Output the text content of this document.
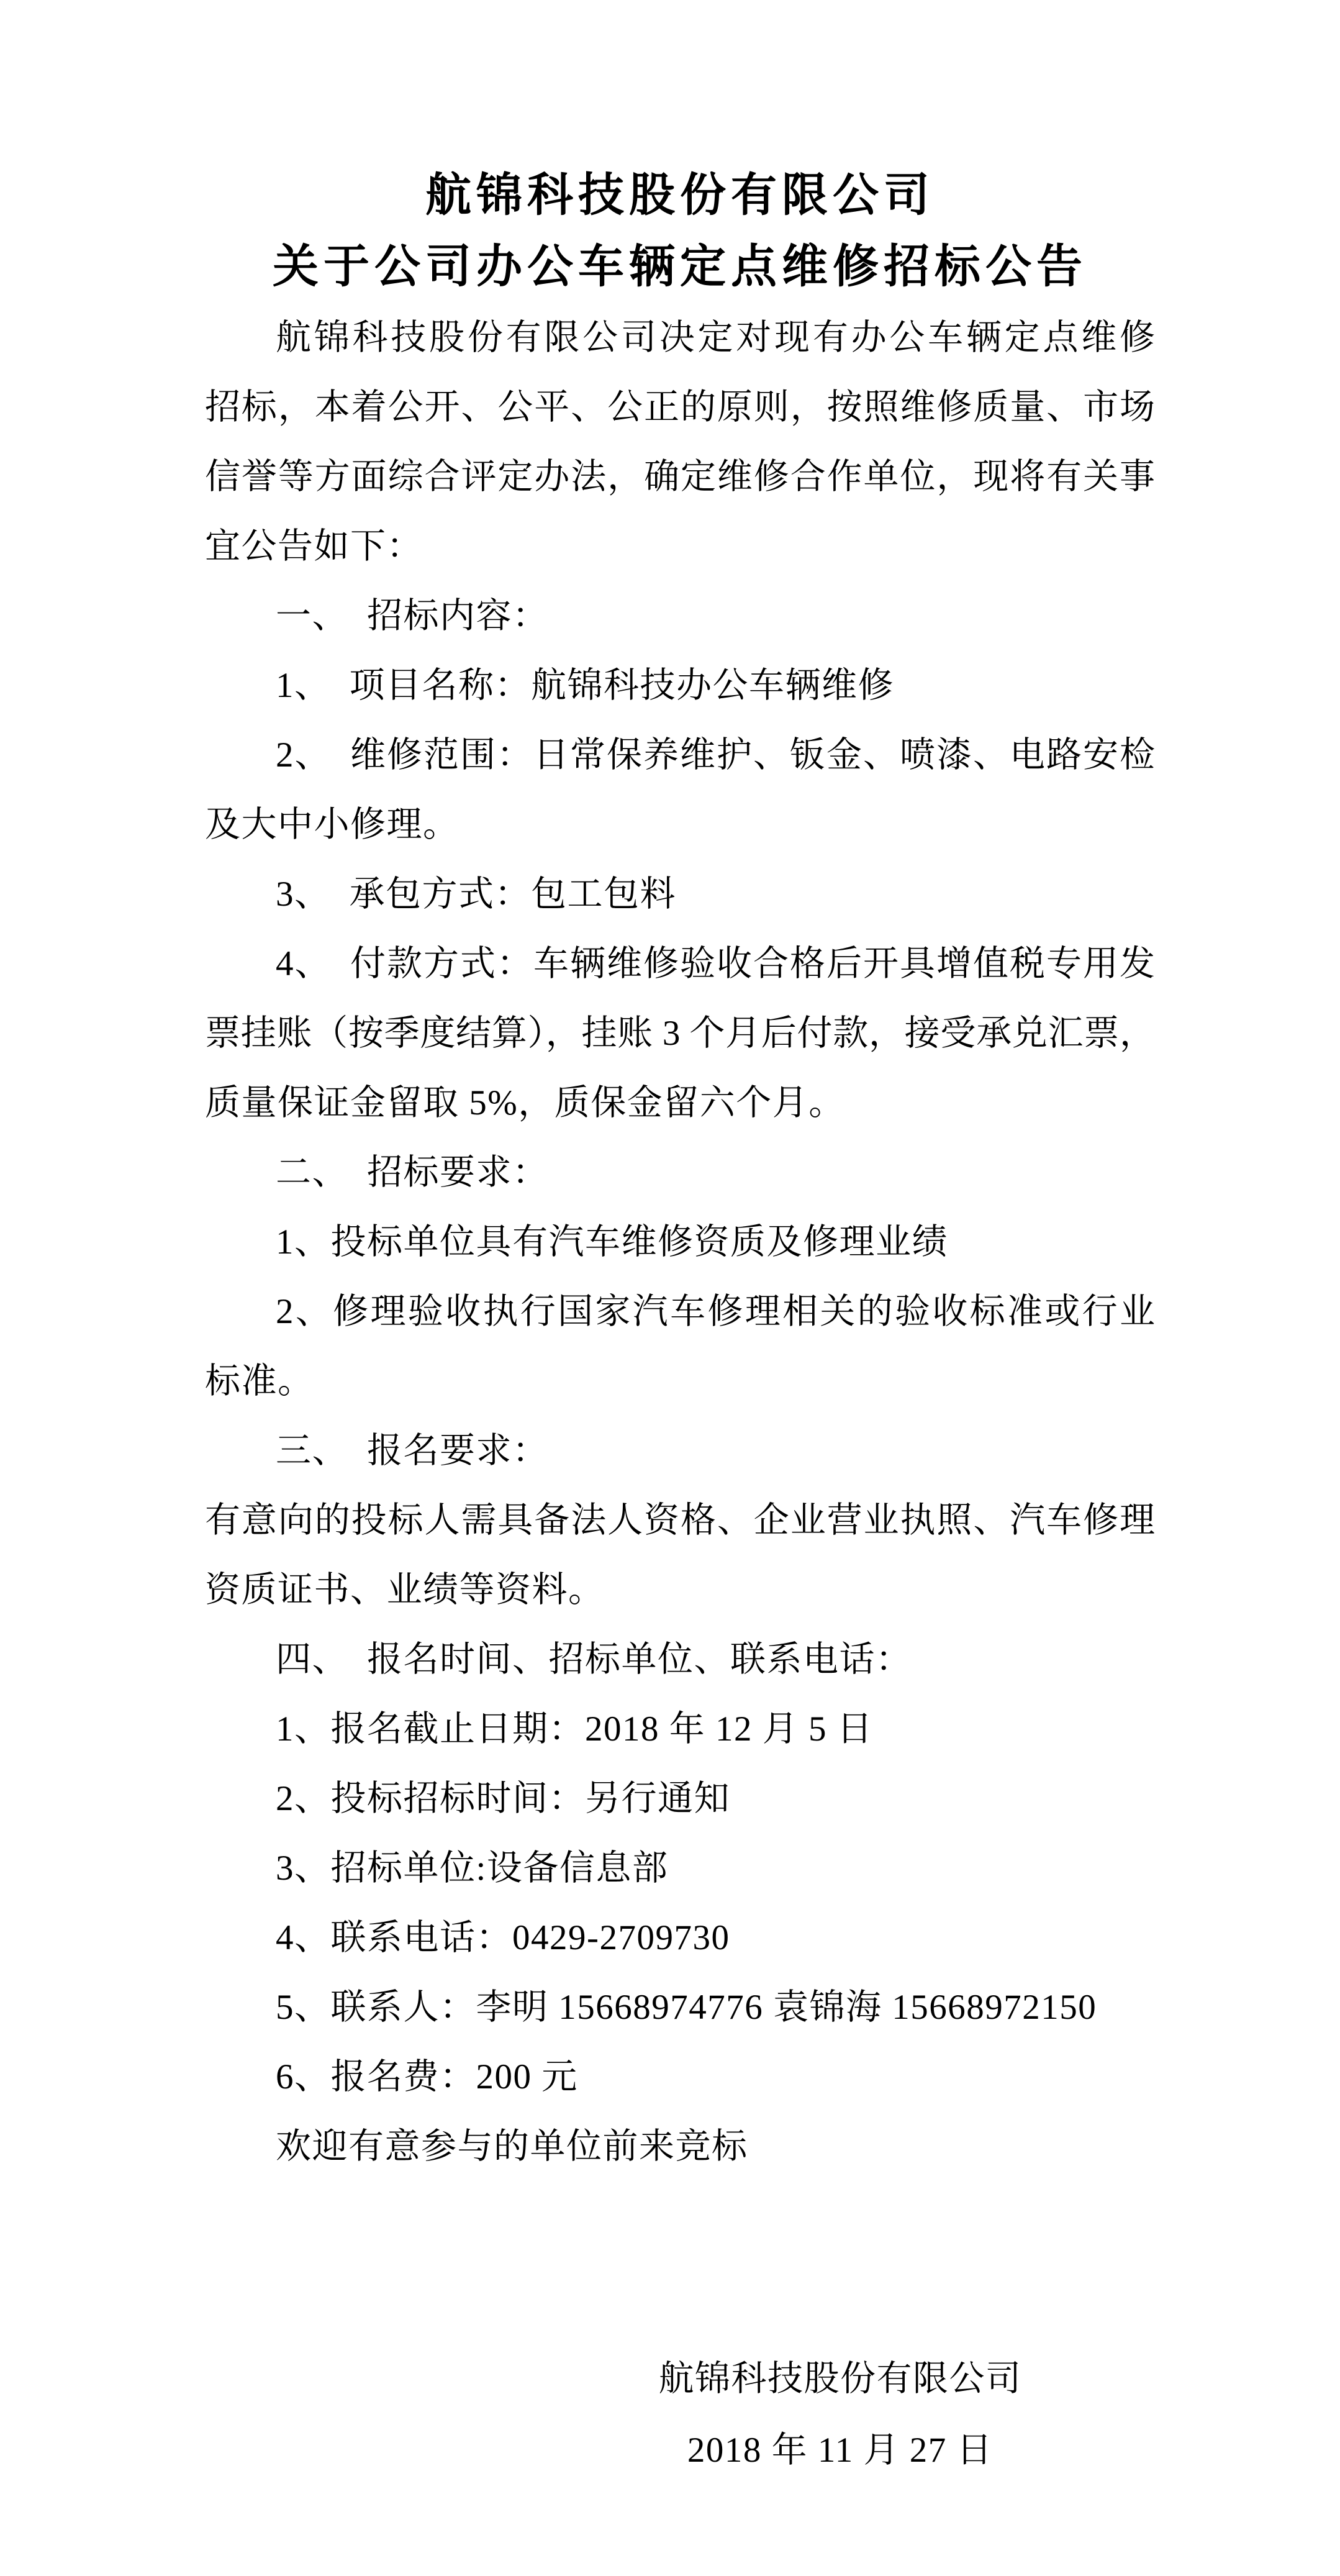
航锦科技股份有限公司
关于公司办公车辆定点维修招标公告
航锦科技股份有限公司决定对现有办公车辆定点维修
招标，本着公开、公平、公正的原则，按照维修质量、市场
信誉等方面综合评定办法，确定维修合作单位，现将有关事
宜公告如下：
一、　招标内容：
1、　项目名称：航锦科技办公车辆维修
2、　维修范围：日常保养维护、钣金、喷漆、电路安检
及大中小修理。
3、　承包方式：包工包料
4、　付款方式：车辆维修验收合格后开具增值税专用发
票挂账（按季度结算），挂账 3 个月后付款，接受承兑汇票，
质量保证金留取 5%，质保金留六个月。
二、　招标要求：
1、投标单位具有汽车维修资质及修理业绩
2、修理验收执行国家汽车修理相关的验收标准或行业
标准。
三、　报名要求：
有意向的投标人需具备法人资格、企业营业执照、汽车修理
资质证书、业绩等资料。
四、　报名时间、招标单位、联系电话：
1、报名截止日期：2018 年 12 月 5 日
2、投标招标时间：另行通知
3、招标单位:设备信息部
4、联系电话：0429-2709730
5、联系人：李明 15668974776 袁锦海 15668972150
6、报名费：200 元
欢迎有意参与的单位前来竞标
航锦科技股份有限公司
2018 年 11 月 27 日
